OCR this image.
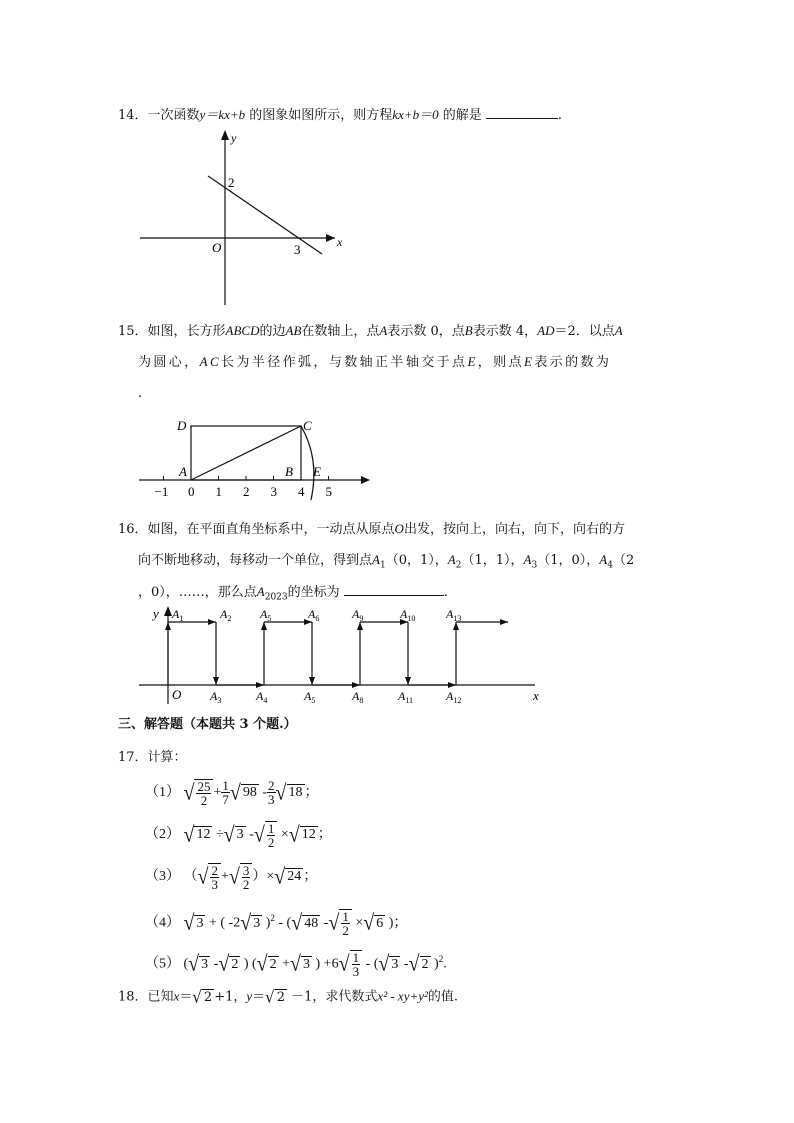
14．一次函数y＝kx+b 的图象如图所示，则方程kx+b＝0 的解是	.
y
x
O
2
3
15．如图，长方形ABCD的边AB在数轴上，点A表示数 0，点B表示数 4，AD＝2．以点A
为圆心，AC长为半径作弧，与数轴正半轴交于点E，则点E表示的数为
.
−1 0 1 2 3 4 5
D	C
A	B E
16．如图，在平面直角坐标系中，一动点从原点O出发，按向上，向右，向下，向右的方
向不断地移动，每移动一个单位，得到点$A_1(0$，1），$A_2(1$，1），$A_3(1$，0），$A_4(2$
，0），……，那么点$A_{2023}$的坐标为	.
y
x
O
$A_1$	$A_2$ $A_5$	$A_6$	$A_9$	$A_{10}$	$A_{13}$
$A_3$	$A_4$	$A_5$	$A_8$	$A_{11}$	$A_{12}$
三、解答题（本题共 3 个题.）
17．计算：
（1） √ $\frac{25}{2} + \frac{1}{7}$ √ $98 - \frac{2}{3}$ √ 18 ；
（2） √ 12 ÷ √ 3 - √ $\frac{1}{2}$ × √ 12 ；
（3） （ √ $\frac{2}{3}$ + √ $\frac{3}{2}$ ）× √ 24 ；
（4） √ 3 + ( -2 √ 3 )$^2$ - ( √ 48 - √ $\frac{1}{2}$ × √ 6 )；
（5） ( √ 3 - √ 2 ) ( √ 2 + √ 3 ) +6 √ $\frac{1}{3}$ - ( √ 3 - √ 2 )$^2$.
18．已知x＝ √ 2 +1，y＝ √ 2 －1，求代数式x² - xy+y²的值.
